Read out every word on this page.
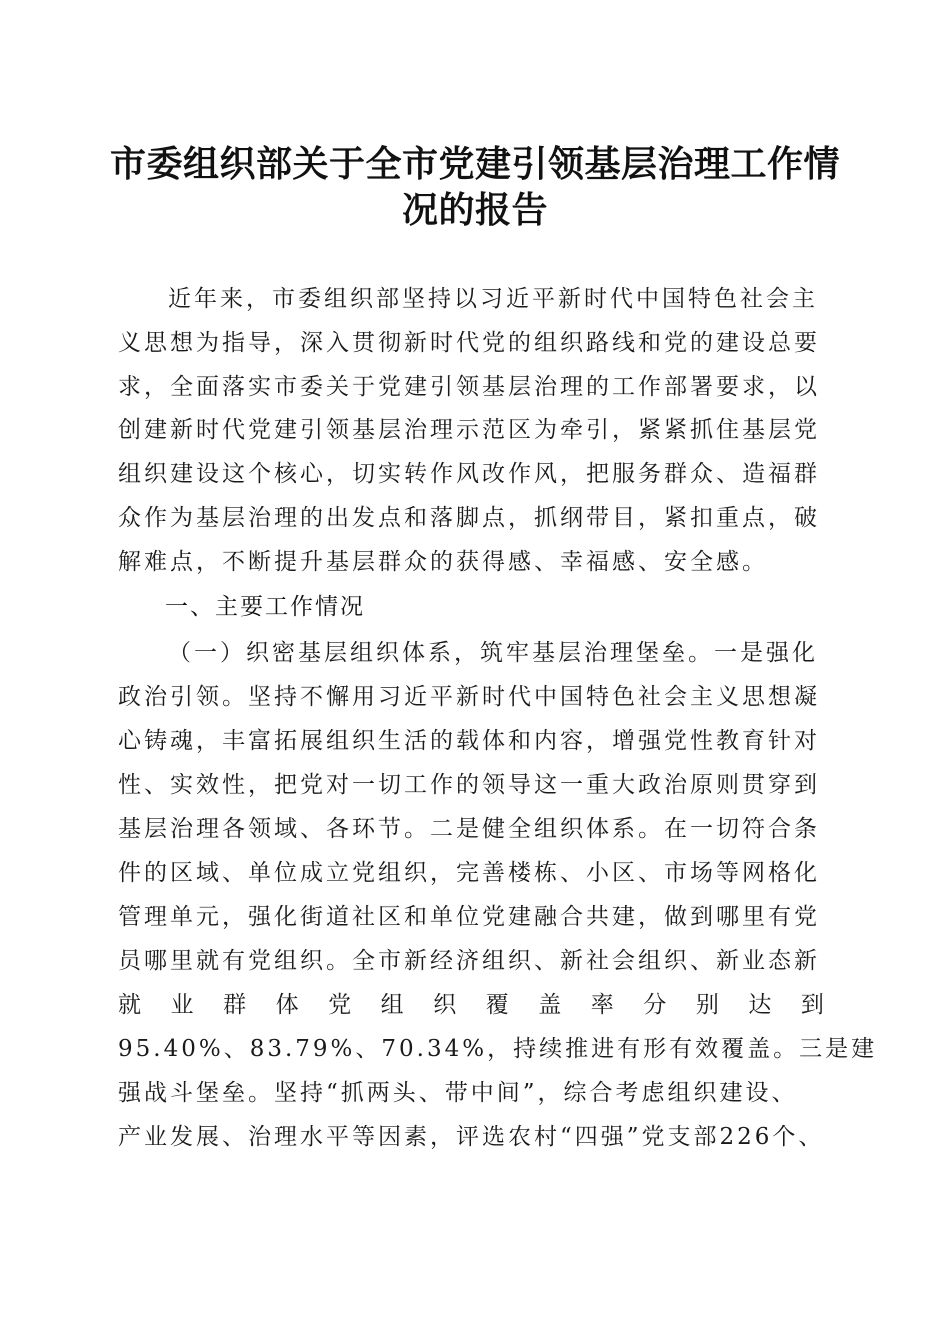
市委组织部关于全市党建引领基层治理工作情
况的报告
近年来，市委组织部坚持以习近平新时代中国特色社会主
义思想为指导，深入贯彻新时代党的组织路线和党的建设总要
求，全面落实市委关于党建引领基层治理的工作部署要求，以
创建新时代党建引领基层治理示范区为牵引，紧紧抓住基层党
组织建设这个核心，切实转作风改作风，把服务群众、造福群
众作为基层治理的出发点和落脚点，抓纲带目，紧扣重点，破
解难点，不断提升基层群众的获得感、幸福感、安全感。
一、主要工作情况
（一）织密基层组织体系，筑牢基层治理堡垒。一是强化
政治引领。坚持不懈用习近平新时代中国特色社会主义思想凝
心铸魂，丰富拓展组织生活的载体和内容，增强党性教育针对
性、实效性，把党对一切工作的领导这一重大政治原则贯穿到
基层治理各领域、各环节。二是健全组织体系。在一切符合条
件的区域、单位成立党组织，完善楼栋、小区、市场等网格化
管理单元，强化街道社区和单位党建融合共建，做到哪里有党
员哪里就有党组织。全市新经济组织、新社会组织、新业态新
就 业 群 体 党 组 织 覆 盖 率 分 别 达 到
95.40%、83.79%、70.34%，持续推进有形有效覆盖。三是建
强战斗堡垒。坚持“抓两头、带中间”，综合考虑组织建设、
产业发展、治理水平等因素，评选农村“四强”党支部226个、
